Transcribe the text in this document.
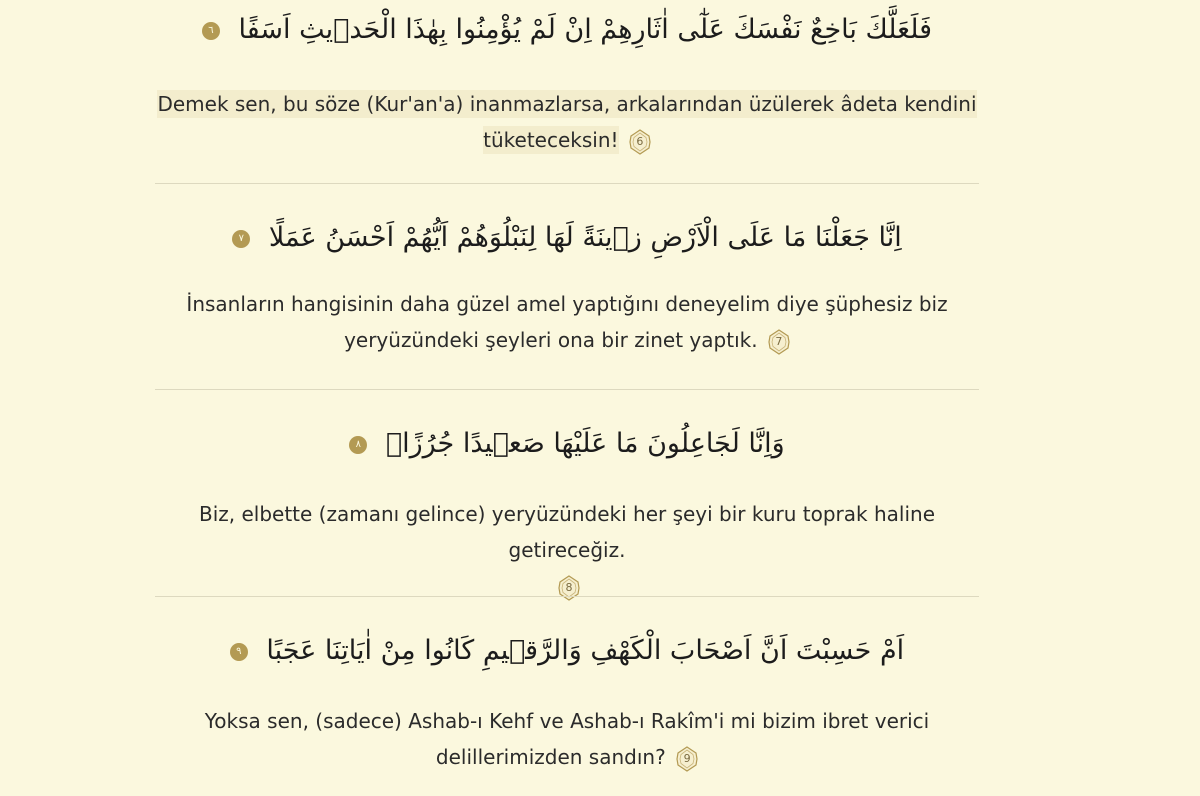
فَلَعَلَّكَ بَاخِعٌ نَفْسَكَ عَلٰٓى اٰثَارِهِمْ اِنْ لَمْ يُؤْمِنُوا بِهٰذَا الْحَد۪يثِ اَسَفًا ٦
Demek sen, bu söze (Kur'an'a) inanmazlarsa, arkalarından üzülerek âdeta kendini
tüketeceksin!	6
اِنَّا جَعَلْنَا مَا عَلَى الْاَرْضِ ز۪ينَةً لَهَا لِنَبْلُوَهُمْ اَيُّهُمْ اَحْسَنُ عَمَلًا ٧
İnsanların hangisinin daha güzel amel yaptığını deneyelim diye şüphesiz biz
yeryüzündeki şeyleri ona bir zinet yaptık.	7
وَاِنَّا لَجَاعِلُونَ مَا عَلَيْهَا صَع۪يدًا جُرُزًاۜ ٨
Biz, elbette (zamanı gelince) yeryüzündeki her şeyi bir kuru toprak haline getireceğiz.

8
اَمْ حَسِبْتَ اَنَّ اَصْحَابَ الْكَهْفِ وَالرَّق۪يمِ كَانُوا مِنْ اٰيَاتِنَا عَجَبًا ٩
Yoksa sen, (sadece) Ashab-ı Kehf ve Ashab-ı Rakîm'i mi bizim ibret verici
delillerimizden sandın?	9
